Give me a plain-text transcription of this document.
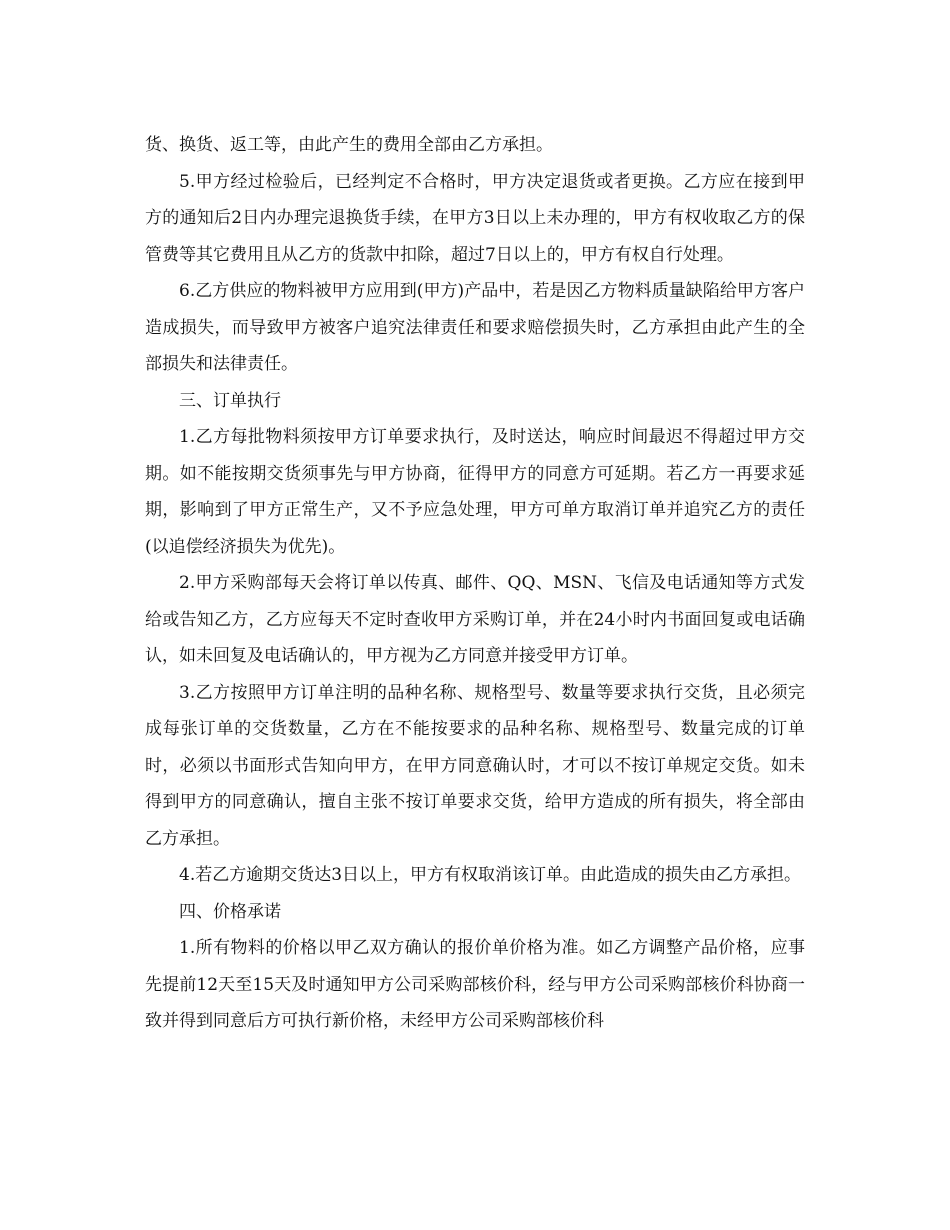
货、换货、返工等，由此产生的费用全部由乙方承担。

5.甲方经过检验后，已经判定不合格时，甲方决定退货或者更换。乙方应在接到甲方的通知后2日内办理完退换货手续，在甲方3日以上未办理的，甲方有权收取乙方的保管费等其它费用且从乙方的货款中扣除，超过7日以上的，甲方有权自行处理。

6.乙方供应的物料被甲方应用到(甲方)产品中，若是因乙方物料质量缺陷给甲方客户造成损失，而导致甲方被客户追究法律责任和要求赔偿损失时，乙方承担由此产生的全部损失和法律责任。

三、订单执行

1.乙方每批物料须按甲方订单要求执行，及时送达，响应时间最迟不得超过甲方交期。如不能按期交货须事先与甲方协商，征得甲方的同意方可延期。若乙方一再要求延期，影响到了甲方正常生产，又不予应急处理，甲方可单方取消订单并追究乙方的责任(以追偿经济损失为优先)。

2.甲方采购部每天会将订单以传真、邮件、QQ、MSN、飞信及电话通知等方式发给或告知乙方，乙方应每天不定时查收甲方采购订单，并在24小时内书面回复或电话确认，如未回复及电话确认的，甲方视为乙方同意并接受甲方订单。

3.乙方按照甲方订单注明的品种名称、规格型号、数量等要求执行交货，且必须完成每张订单的交货数量，乙方在不能按要求的品种名称、规格型号、数量完成的订单时，必须以书面形式告知向甲方，在甲方同意确认时，才可以不按订单规定交货。如未得到甲方的同意确认，擅自主张不按订单要求交货，给甲方造成的所有损失，将全部由乙方承担。

4.若乙方逾期交货达3日以上，甲方有权取消该订单。由此造成的损失由乙方承担。

四、价格承诺

1.所有物料的价格以甲乙双方确认的报价单价格为准。如乙方调整产品价格，应事先提前12天至15天及时通知甲方公司采购部核价科，经与甲方公司采购部核价科协商一致并得到同意后方可执行新价格，未经甲方公司采购部核价科
